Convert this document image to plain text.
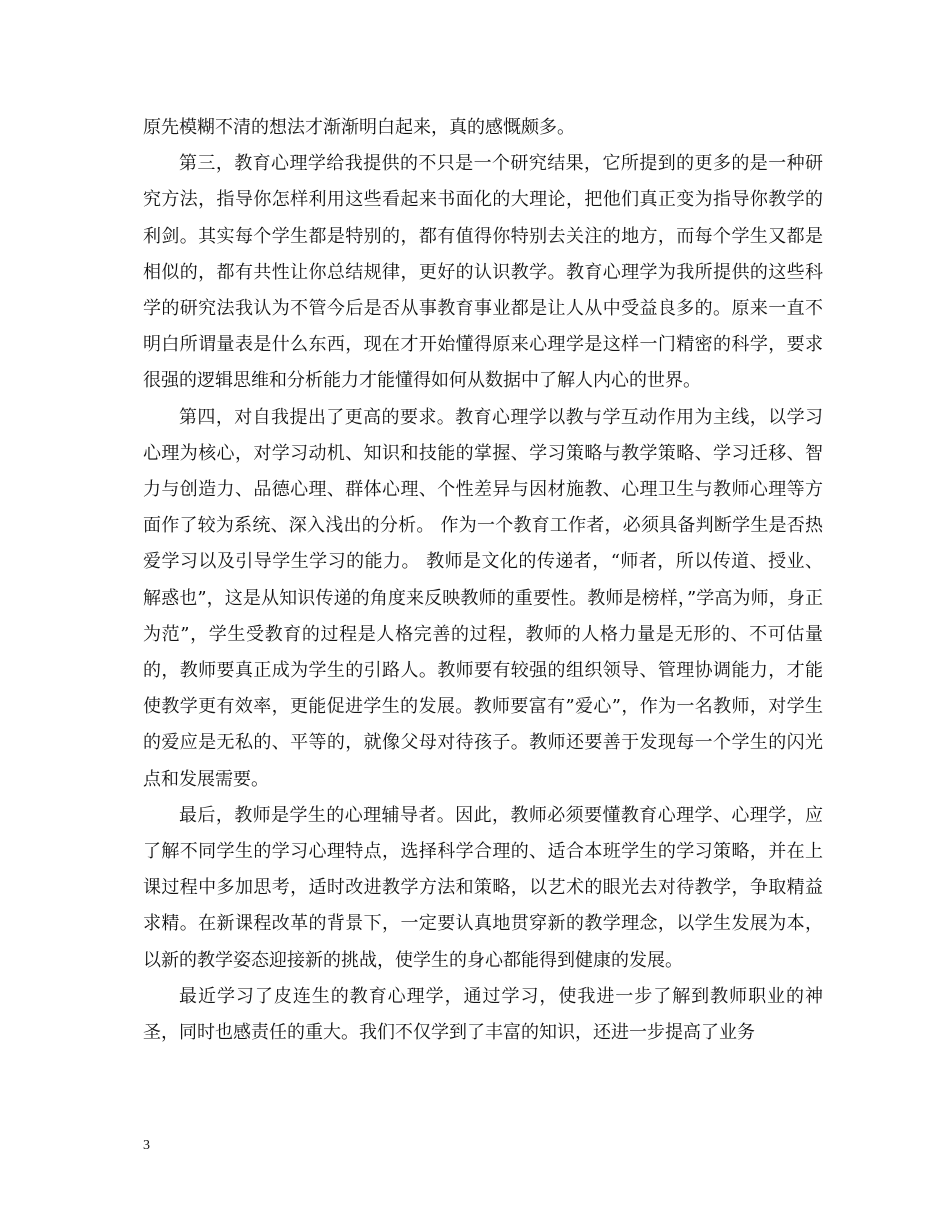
原先模糊不清的想法才渐渐明白起来，真的感慨颇多。

第三，教育心理学给我提供的不只是一个研究结果，它所提到的更多的是一种研究方法，指导你怎样利用这些看起来书面化的大理论，把他们真正变为指导你教学的利剑。其实每个学生都是特别的，都有值得你特别去关注的地方，而每个学生又都是相似的，都有共性让你总结规律，更好的认识教学。教育心理学为我所提供的这些科学的研究法我认为不管今后是否从事教育事业都是让人从中受益良多的。原来一直不明白所谓量表是什么东西，现在才开始懂得原来心理学是这样一门精密的科学，要求很强的逻辑思维和分析能力才能懂得如何从数据中了解人内心的世界。

第四，对自我提出了更高的要求。教育心理学以教与学互动作用为主线，以学习心理为核心，对学习动机、知识和技能的掌握、学习策略与教学策略、学习迁移、智力与创造力、品德心理、群体心理、个性差异与因材施教、心理卫生与教师心理等方面作了较为系统、深入浅出的分析。 作为一个教育工作者，必须具备判断学生是否热爱学习以及引导学生学习的能力。 教师是文化的传递者，“师者，所以传道、授业、解惑也”，这是从知识传递的角度来反映教师的重要性。教师是榜样，”学高为师，身正为范”，学生受教育的过程是人格完善的过程，教师的人格力量是无形的、不可估量的，教师要真正成为学生的引路人。教师要有较强的组织领导、管理协调能力，才能使教学更有效率，更能促进学生的发展。教师要富有”爱心”，作为一名教师，对学生的爱应是无私的、平等的，就像父母对待孩子。教师还要善于发现每一个学生的闪光点和发展需要。

最后，教师是学生的心理辅导者。因此，教师必须要懂教育心理学、心理学，应了解不同学生的学习心理特点，选择科学合理的、适合本班学生的学习策略，并在上课过程中多加思考，适时改进教学方法和策略，以艺术的眼光去对待教学，争取精益求精。在新课程改革的背景下，一定要认真地贯穿新的教学理念，以学生发展为本，以新的教学姿态迎接新的挑战，使学生的身心都能得到健康的发展。

最近学习了皮连生的教育心理学，通过学习，使我进一步了解到教师职业的神圣，同时也感责任的重大。我们不仅学到了丰富的知识，还进一步提高了业务

3
